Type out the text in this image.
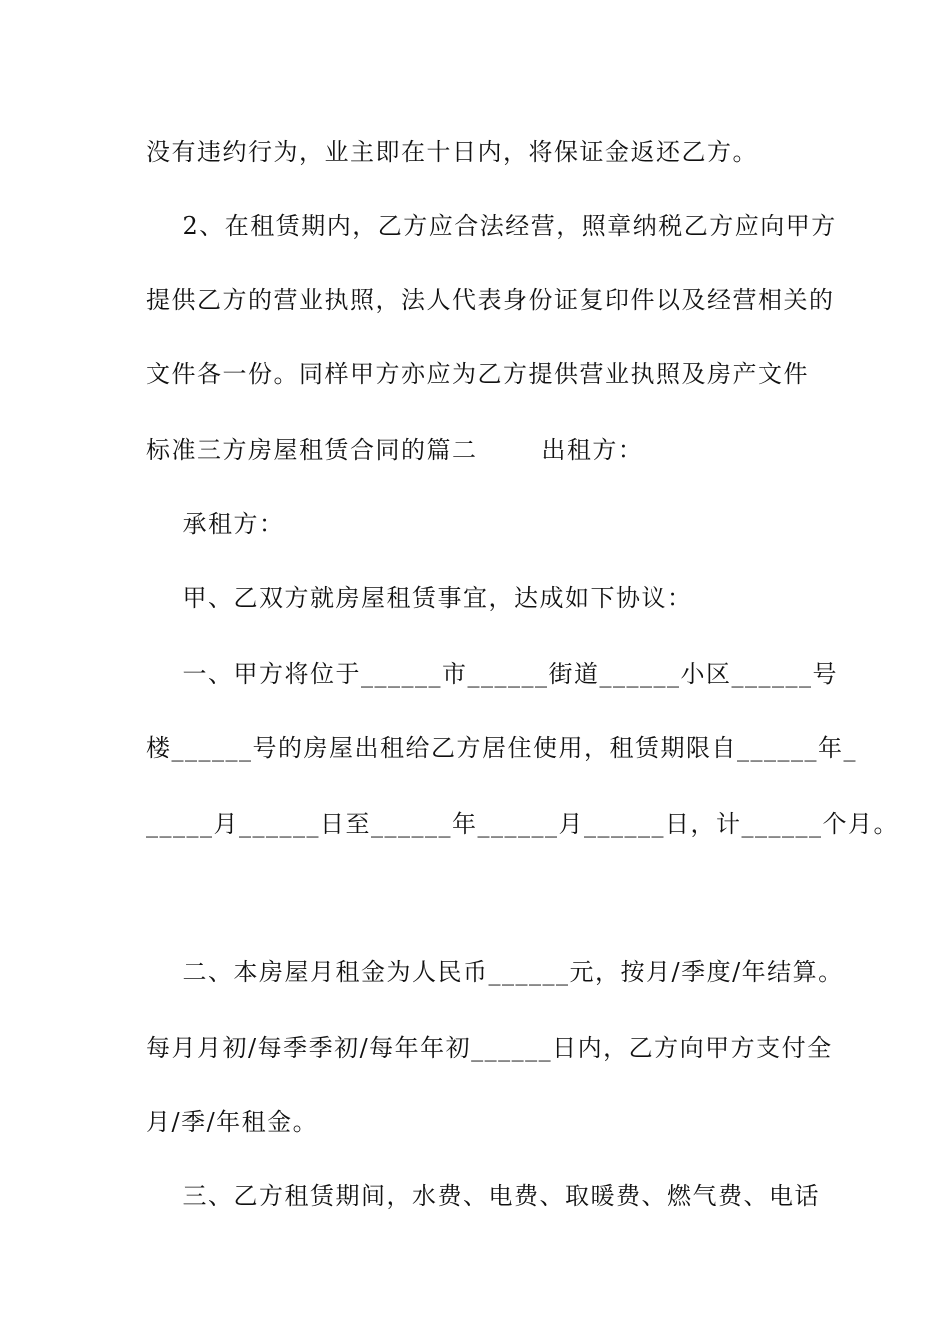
没有违约行为，业主即在十日内，将保证金返还乙方。
2、在租赁期内，乙方应合法经营，照章纳税乙方应向甲方
提供乙方的营业执照，法人代表身份证复印件以及经营相关的
文件各一份。同样甲方亦应为乙方提供营业执照及房产文件
标准三方房屋租赁合同的篇二       出租方：
承租方：
甲、乙双方就房屋租赁事宜，达成如下协议：
一、甲方将位于______市______街道______小区______号
楼______号的房屋出租给乙方居住使用，租赁期限自______年_
_____月______日至______年______月______日，计______个月。
二、本房屋月租金为人民币______元，按月/季度/年结算。
每月月初/每季季初/每年年初______日内，乙方向甲方支付全
月/季/年租金。
三、乙方租赁期间，水费、电费、取暖费、燃气费、电话
